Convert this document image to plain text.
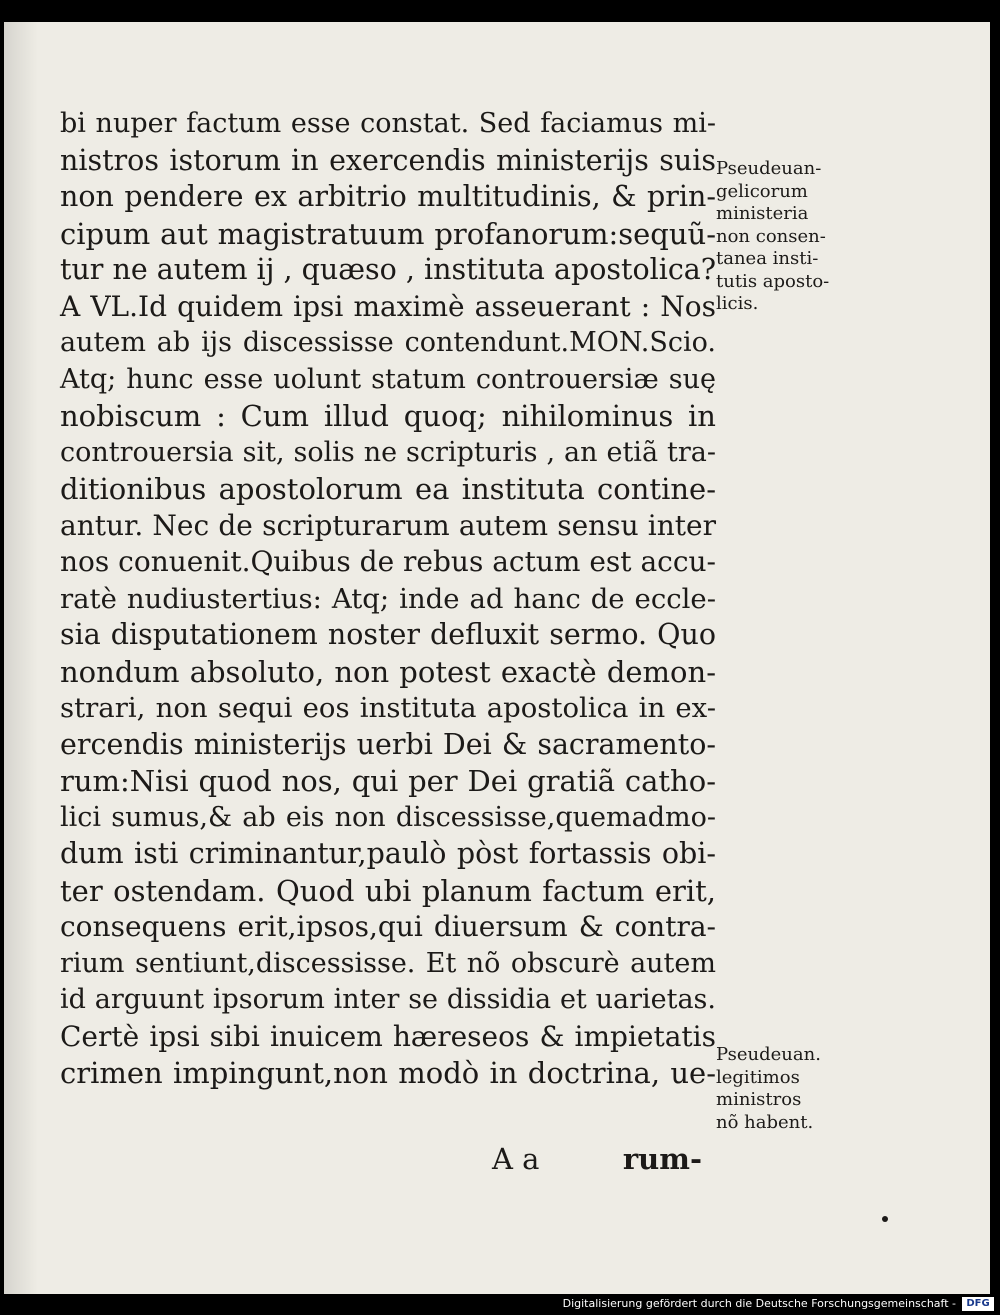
bi nuper factum esse constat. Sed faciamus mi-
nistros istorum in exercendis ministerijs suis
non pendere ex arbitrio multitudinis, & prin-
cipum aut magistratuum profanorum:sequũ-
tur ne autem ij , quæso , instituta apostolica?
A VL.Id quidem ipsi maximè asseuerant : Nos
autem ab ijs discessisse contendunt.MON.Scio.
Atq; hunc esse uolunt statum controuersiæ suę
nobiscum : Cum illud quoq; nihilominus in
controuersia sit, solis ne scripturis , an etiã tra-
ditionibus apostolorum ea instituta contine-
antur. Nec de scripturarum autem sensu inter
nos conuenit.Quibus de rebus actum est accu-
ratè nudiustertius: Atq; inde ad hanc de eccle-
sia disputationem noster defluxit sermo. Quo
nondum absoluto, non potest exactè demon-
strari, non sequi eos instituta apostolica in ex-
ercendis ministerijs uerbi Dei & sacramento-
rum:Nisi quod nos, qui per Dei gratiã catho-
lici sumus,& ab eis non discessisse,quemadmo-
dum isti criminantur,paulò pòst fortassis obi-
ter ostendam. Quod ubi planum factum erit,
consequens erit,ipsos,qui diuersum & contra-
rium sentiunt,discessisse. Et nõ obscurè autem
id arguunt ipsorum inter se dissidia et uarietas.
Certè ipsi sibi inuicem hæreseos & impietatis
crimen impingunt,non modò in doctrina, ue-
A a	rum-
Pseudeuan-
gelicorum
ministeria
non consen-
tanea insti-
tutis aposto-
licis.
Pseudeuan.
legitimos
ministros
nõ habent.
Digitalisierung gefördert durch die Deutsche Forschungsgemeinschaft -	DFG
